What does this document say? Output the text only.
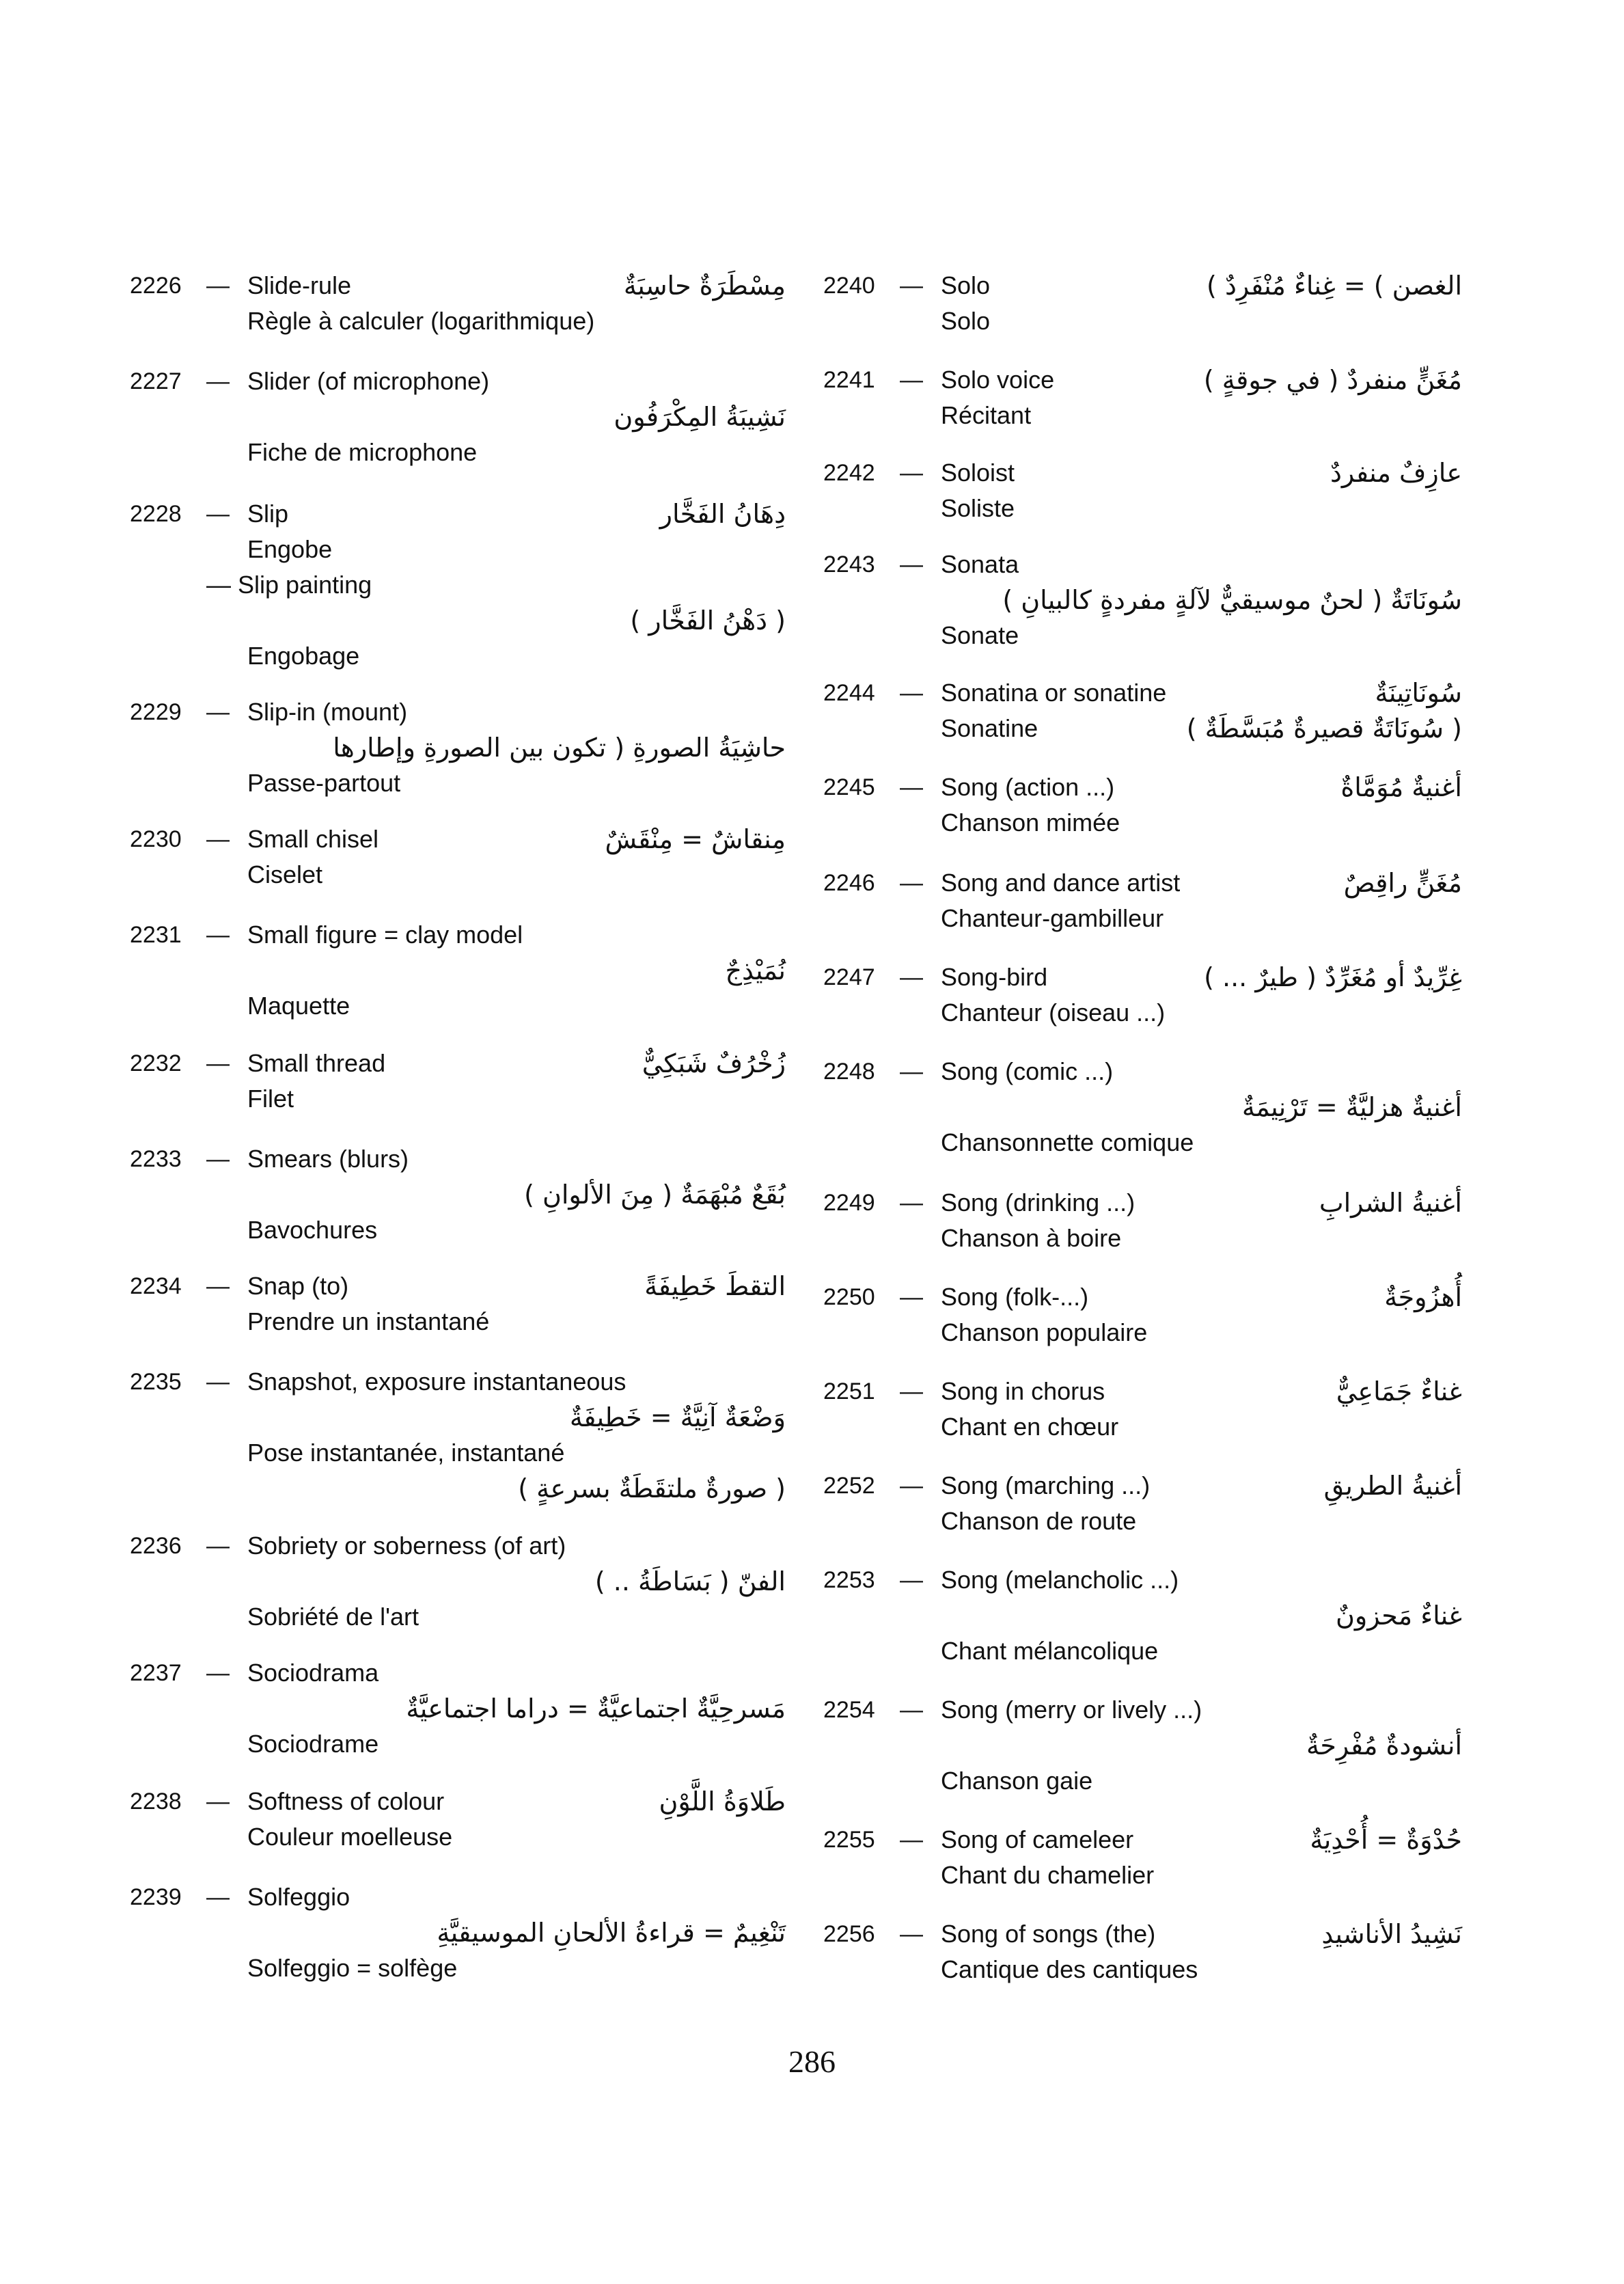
2226 — Slide-rule	مِسْطَرَةٌ حاسِبَةٌ
Règle à calculer (logarithmique)
2227 — Slider (of microphone)
نَشِيبَةُ المِكْرَفُون
Fiche de microphone
2228 — Slip	دِهَانُ الفَخَّار
Engobe
— Slip painting
( دَهْنُ الفَخَّار )
Engobage
2229 — Slip-in (mount)
حاشِيَةُ الصورةِ ( تكون بين الصورةِ وإطارها
Passe-partout
2230 — Small chisel	مِنقاشٌ = مِنْقَشٌ
Ciselet
2231 — Small figure = clay model
نُمَيْذِجٌ
Maquette
2232 — Small thread	زُخْرُفٌ شَبَكِيٌّ
Filet
2233 — Smears (blurs)
بُقَعٌ مُبْهَمَةٌ ( مِنَ الألوانِ )
Bavochures
2234 — Snap (to)	التقطَ خَطِيفَةً
Prendre un instantané
2235 — Snapshot, exposure instantaneous
وَضْعَةٌ آنِيَّةٌ = خَطِيفَةٌ
Pose instantanée, instantané
( صورةٌ ملتقَطَةٌ بسرعةٍ )
2236 — Sobriety or soberness (of art)
الفنّ ( بَسَاطَةُ .. )
Sobriété de l'art
2237 — Sociodrama
مَسرحِيَّةٌ اجتماعيَّةٌ = دراما اجتماعيَّةٌ
Sociodrame
2238 — Softness of colour	طَلاوَةُ اللَّوْنِ
Couleur moelleuse
2239 — Solfeggio
تَنْغِيمٌ = قراءةُ الألحانِ الموسيقيَّةِ
Solfeggio = solfège
2240 — Solo	الغصن ) = غِناءٌ مُنْفَرِدٌ )
Solo
2241 — Solo voice	مُغَنٍّ منفردٌ ( في جوقةٍ )
Récitant
2242 — Soloist	عازِفٌ منفردٌ
Soliste
2243 — Sonata
سُونَاتَةٌ ( لحنٌ موسيقيٌّ لآلةٍ مفردةٍ كالبيانِ )
Sonate
2244 — Sonatina or sonatine	سُونَاتِينَةٌ
Sonatine	( سُونَاتَةٌ قصيرةٌ مُبَسَّطَةٌ )
2245 — Song (action ...)	أغنيةٌ مُوَمَّاةٌ
Chanson mimée
2246 — Song and dance artist	مُغَنٍّ راقِصٌ
Chanteur-gambilleur
2247 — Song-bird	غِرِّيدٌ أو مُغَرِّدٌ ( طيرٌ ... )
Chanteur (oiseau ...)
2248 — Song (comic ...)
أغنيةٌ هزليَّةٌ = تَرْنِيمَةٌ
Chansonnette comique
2249 — Song (drinking ...)	أغنيةُ الشرابِ
Chanson à boire
2250 — Song (folk-...)	أُهزُوجَةٌ
Chanson populaire
2251 — Song in chorus	غناءٌ جَمَاعِيٌّ
Chant en chœur
2252 — Song (marching ...)	أغنيةُ الطريقِ
Chanson de route
2253 — Song (melancholic ...)
غناءٌ مَحزونٌ
Chant mélancolique
2254 — Song (merry or lively ...)
أنشودةٌ مُفْرِحَةٌ
Chanson gaie
2255 — Song of cameleer	حُدْوَةٌ = أُحْدِيَةٌ
Chant du chamelier
2256 — Song of songs (the)	نَشِيدُ الأناشيدِ
Cantique des cantiques
286
